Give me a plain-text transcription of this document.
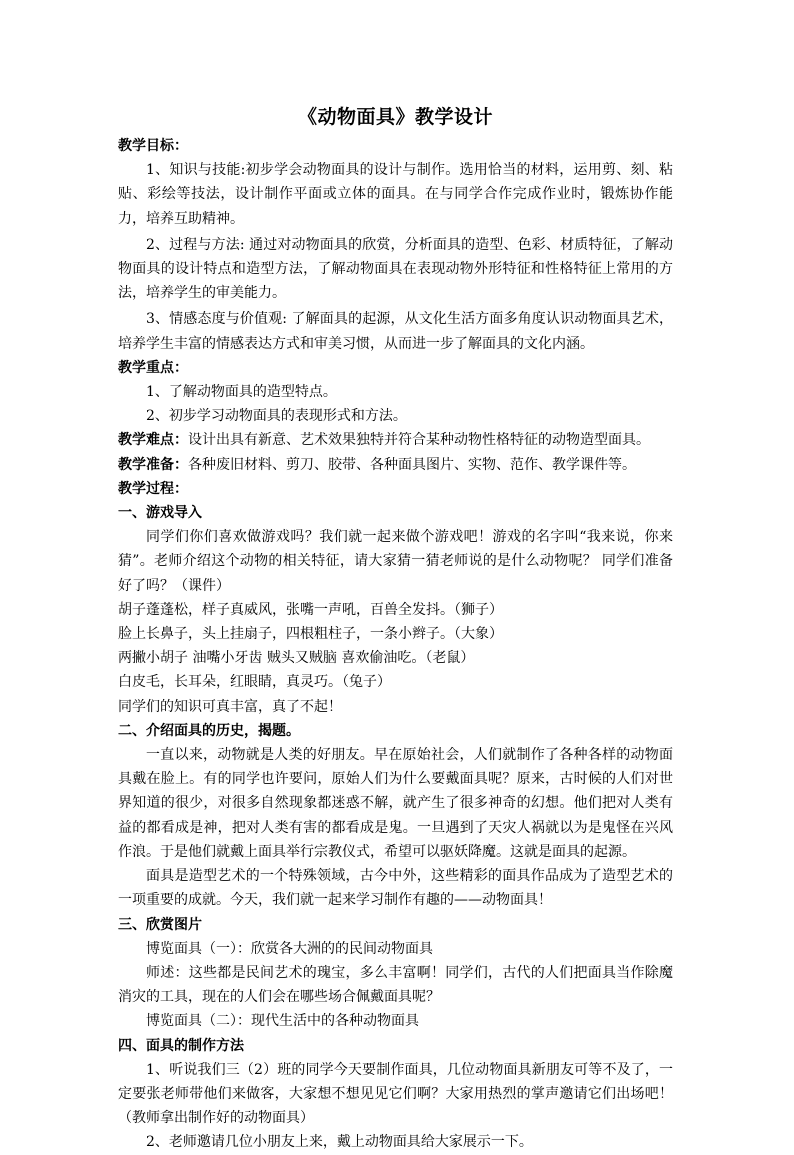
《动物面具》教学设计
教学目标：

1、知识与技能:初步学会动物面具的设计与制作。选用恰当的材料，运用剪、刻、粘贴、彩绘等技法，设计制作平面或立体的面具。在与同学合作完成作业时，锻炼协作能力，培养互助精神。

2、过程与方法: 通过对动物面具的欣赏，分析面具的造型、色彩、材质特征，了解动物面具的设计特点和造型方法，了解动物面具在表现动物外形特征和性格特征上常用的方法，培养学生的审美能力。

3、情感态度与价值观: 了解面具的起源，从文化生活方面多角度认识动物面具艺术，培养学生丰富的情感表达方式和审美习惯，从而进一步了解面具的文化内涵。

教学重点：

1、了解动物面具的造型特点。

2、初步学习动物面具的表现形式和方法。

教学难点：设计出具有新意、艺术效果独特并符合某种动物性格特征的动物造型面具。

教学准备：各种废旧材料、剪刀、胶带、各种面具图片、实物、范作、教学课件等。

教学过程：
一、游戏导入

同学们你们喜欢做游戏吗？我们就一起来做个游戏吧！游戏的名字叫“我来说，你来猜”。老师介绍这个动物的相关特征，请大家猜一猜老师说的是什么动物呢？ 同学们准备好了吗？（课件）

胡子蓬蓬松，样子真威风，张嘴一声吼，百兽全发抖。（狮子）

脸上长鼻子，头上挂扇子，四根粗柱子，一条小辫子。（大象）

两撇小胡子 油嘴小牙齿 贼头又贼脑 喜欢偷油吃。（老鼠）

白皮毛，长耳朵，红眼睛，真灵巧。（兔子）

同学们的知识可真丰富，真了不起！

二、介绍面具的历史，揭题。

一直以来，动物就是人类的好朋友。早在原始社会，人们就制作了各种各样的动物面具戴在脸上。有的同学也许要问，原始人们为什么要戴面具呢？原来，古时候的人们对世界知道的很少，对很多自然现象都迷惑不解，就产生了很多神奇的幻想。他们把对人类有益的都看成是神，把对人类有害的都看成是鬼。一旦遇到了天灾人祸就以为是鬼怪在兴风作浪。于是他们就戴上面具举行宗教仪式，希望可以驱妖降魔。这就是面具的起源。

面具是造型艺术的一个特殊领域，古今中外，这些精彩的面具作品成为了造型艺术的一项重要的成就。今天，我们就一起来学习制作有趣的——动物面具！

三、欣赏图片

博览面具（一）：欣赏各大洲的的民间动物面具

师述：这些都是民间艺术的瑰宝，多么丰富啊！同学们，古代的人们把面具当作除魔消灾的工具，现在的人们会在哪些场合佩戴面具呢？

博览面具（二）：现代生活中的各种动物面具

四、面具的制作方法

1、听说我们三（2）班的同学今天要制作面具，几位动物面具新朋友可等不及了，一定要张老师带他们来做客，大家想不想见见它们啊？大家用热烈的掌声邀请它们出场吧！（教师拿出制作好的动物面具）

2、老师邀请几位小朋友上来，戴上动物面具给大家展示一下。
